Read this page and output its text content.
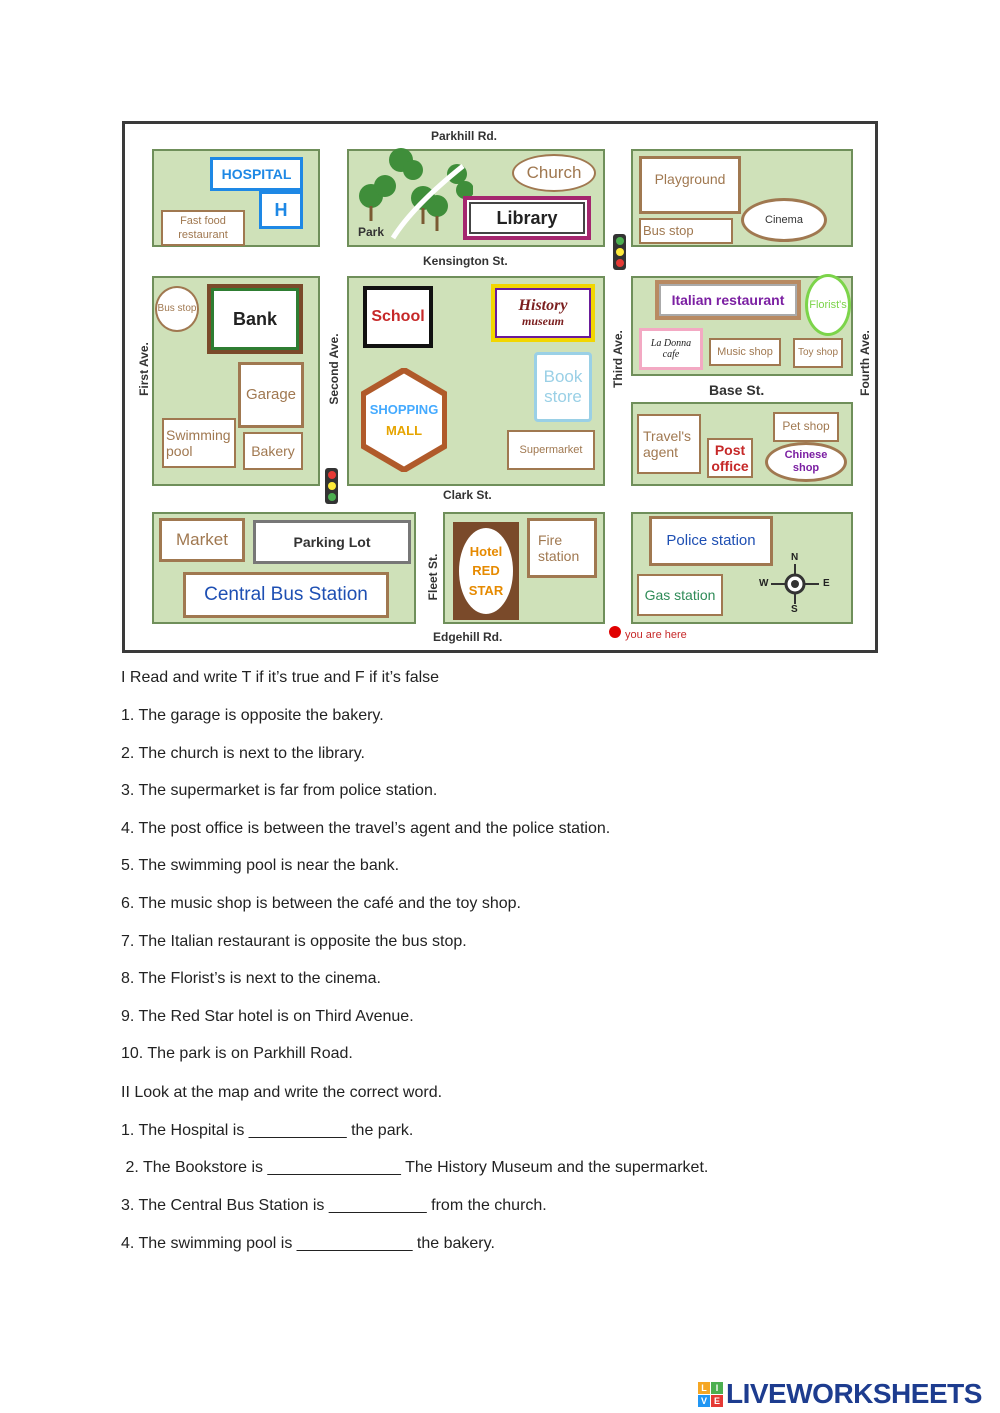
Parkhill Rd.
Kensington St.
Clark St.
Edgehill Rd.
Base St.
First Ave.	Second Ave.	Third Ave.	Fourth Ave.
Fleet St.
HOSPITAL
H
Fast food restaurant	Park
Church
Library
Playground
Cinema
Bus stop
Bus stop	Bank
Garage
Swimming pool	Bakery
School
History
museum
SHOPPING
MALL
Book
store
Supermarket
Italian restaurant	Florist's
La Donna
cafe	Music shop	Toy shop
Travel's
agent	Post
office
Pet shop
Chinese
shop
Market	Parking Lot
Central Bus Station
Hotel
RED
STAR
Fire
station
Police station
Gas station
N
S
W	E
you are here
I Read and write T if it’s true and F if it’s false
1. The garage is opposite the bakery.
2. The church is next to the library.
3. The supermarket is far from police station.
4. The post office is between the travel’s agent and the police station.
5. The swimming pool is near the bank.
6. The music shop is between the café and the toy shop.
7. The Italian restaurant is opposite the bus stop.
8. The Florist’s is next to the cinema.
9. The Red Star hotel is on Third Avenue.
10. The park is on Parkhill Road.
II Look at the map and write the correct word.
1. The Hospital is ___________ the park.
2. The Bookstore is _______________ The History Museum and the supermarket.
3. The Central Bus Station is ___________ from the church.
4. The swimming pool is _____________ the bakery.
L I
V E LIVEWORKSHEETS
